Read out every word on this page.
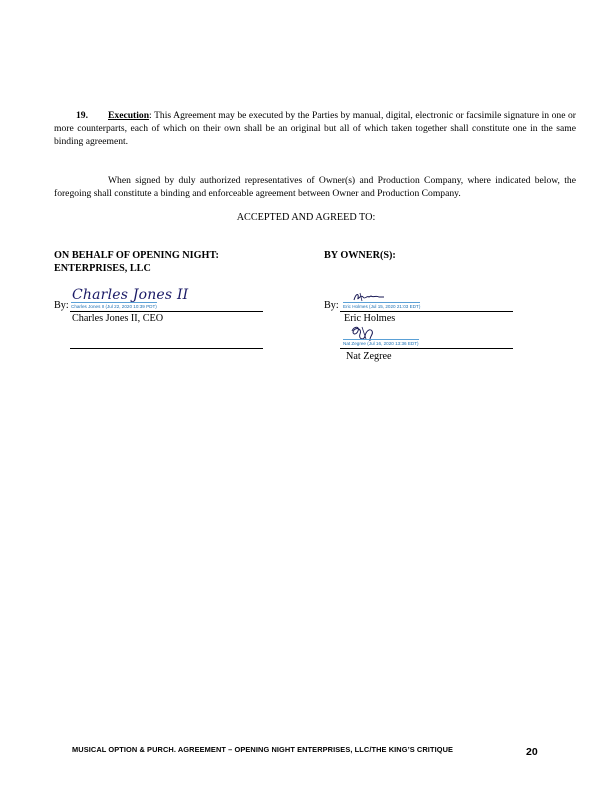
19. Execution: This Agreement may be executed by the Parties by manual, digital, electronic or facsimile signature in one or more counterparts, each of which on their own shall be an original but all of which taken together shall constitute one in the same binding agreement.
When signed by duly authorized representatives of Owner(s) and Production Company, where indicated below, the foregoing shall constitute a binding and enforceable agreement between Owner and Production Company.
ACCEPTED AND AGREED TO:
ON BEHALF OF OPENING NIGHT:
ENTERPRISES, LLC
Charles Jones II
By: Charles Jones II (Jul 22, 2020 10:39 PDT)
Charles Jones II, CEO
BY OWNER(S):
By: Eric Holmes (Jul 15, 2020 21:03 EDT)
Eric Holmes
Nat Zegree (Jul 16, 2020 13:36 EDT)
Nat Zegree
MUSICAL OPTION & PURCH. AGREEMENT – OPENING NIGHT ENTERPRISES, LLC/THE KING’S CRITIQUE	20
